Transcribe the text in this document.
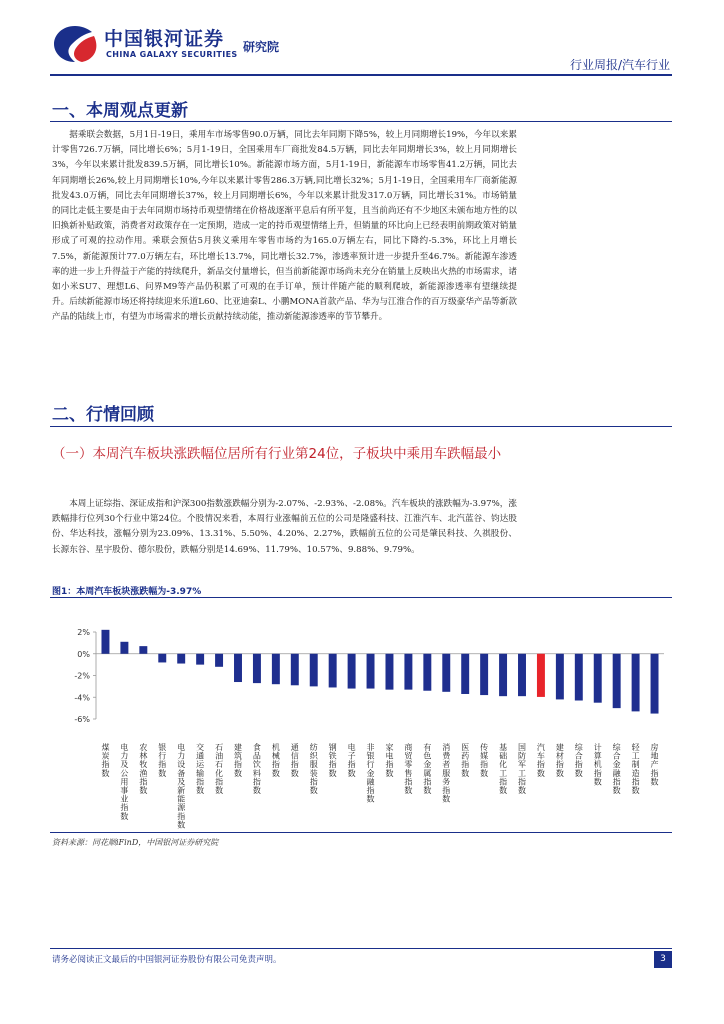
中国银河证券
CHINA GALAXY SECURITIES
研究院
行业周报/汽车行业
一、本周观点更新
据乘联会数据，5月1日-19日，乘用车市场零售90.0万辆，同比去年同期下降5%，较上月同期增长19%，今年以来累计零售726.7万辆，同比增长6%；5月1-19日，全国乘用车厂商批发84.5万辆，同比去年同期增长3%，较上月同期增长3%，今年以来累计批发839.5万辆，同比增长10%。新能源市场方面，5月1-19日，新能源车市场零售41.2万辆，同比去年同期增长26%,较上月同期增长10%,今年以来累计零售286.3万辆,同比增长32%；5月1-19日，全国乘用车厂商新能源批发43.0万辆，同比去年同期增长37%，较上月同期增长6%，今年以来累计批发317.0万辆，同比增长31%。市场销量的同比走低主要是由于去年同期市场持币观望情绪在价格战逐渐平息后有所平复，且当前尚还有不少地区未颁布地方性的以旧换新补贴政策，消费者对政策存在一定预期，造成一定的持币观望情绪上升，但销量的环比向上已经表明前期政策对销量形成了可观的拉动作用。乘联会预估5月狭义乘用车零售市场约为165.0万辆左右，同比下降约-5.3%，环比上月增长7.5%，新能源预计77.0万辆左右，环比增长13.7%，同比增长32.7%，渗透率预计进一步提升至46.7%。新能源车渗透率的进一步上升得益于产能的持续爬升，新品交付量增长，但当前新能源市场尚未充分在销量上反映出火热的市场需求，诸如小米SU7、理想L6、问界M9等产品仍积累了可观的在手订单，预计伴随产能的顺利爬坡，新能源渗透率有望继续提升。后续新能源市场还将持续迎来乐道L60、比亚迪秦L、小鹏MONA首款产品、华为与江淮合作的百万级豪华产品等新款产品的陆续上市，有望为市场需求的增长贡献持续动能，推动新能源渗透率的节节攀升。
二、行情回顾
（一）本周汽车板块涨跌幅位居所有行业第24位，子板块中乘用车跌幅最小
本周上证综指、深证成指和沪深300指数涨跌幅分别为-2.07%、-2.93%、-2.08%。汽车板块的涨跌幅为-3.97%，涨跌幅排行位列30个行业中第24位。个股情况来看，本周行业涨幅前五位的公司是隆盛科技、江淮汽车、北汽蓝谷、钧达股份、华达科技，涨幅分别为23.09%、13.31%、5.50%、4.20%、2.27%，跌幅前五位的公司是肇民科技、久祺股份、长源东谷、星宇股份、德尔股份，跌幅分别是14.69%、11.79%、10.57%、9.88%、9.79%。
图1：本周汽车板块涨跌幅为-3.97%
2%
0%
-2%
-4%
-6%
煤炭指数
电力及公用事业指数
农林牧渔指数
银行指数
电力设备及新能源指数
交通运输指数
石油石化指数
建筑指数
食品饮料指数
机械指数
通信指数
纺织服装指数
钢铁指数
电子指数
非银行金融指数
家电指数
商贸零售指数
有色金属指数
消费者服务指数
医药指数
传媒指数
基础化工指数
国防军工指数
汽车指数
建材指数
综合指数
计算机指数
综合金融指数
轻工制造指数
房地产指数
资料来源：同花顺iFinD，中国银河证券研究院
请务必阅读正文最后的中国银河证券股份有限公司免责声明。	3
